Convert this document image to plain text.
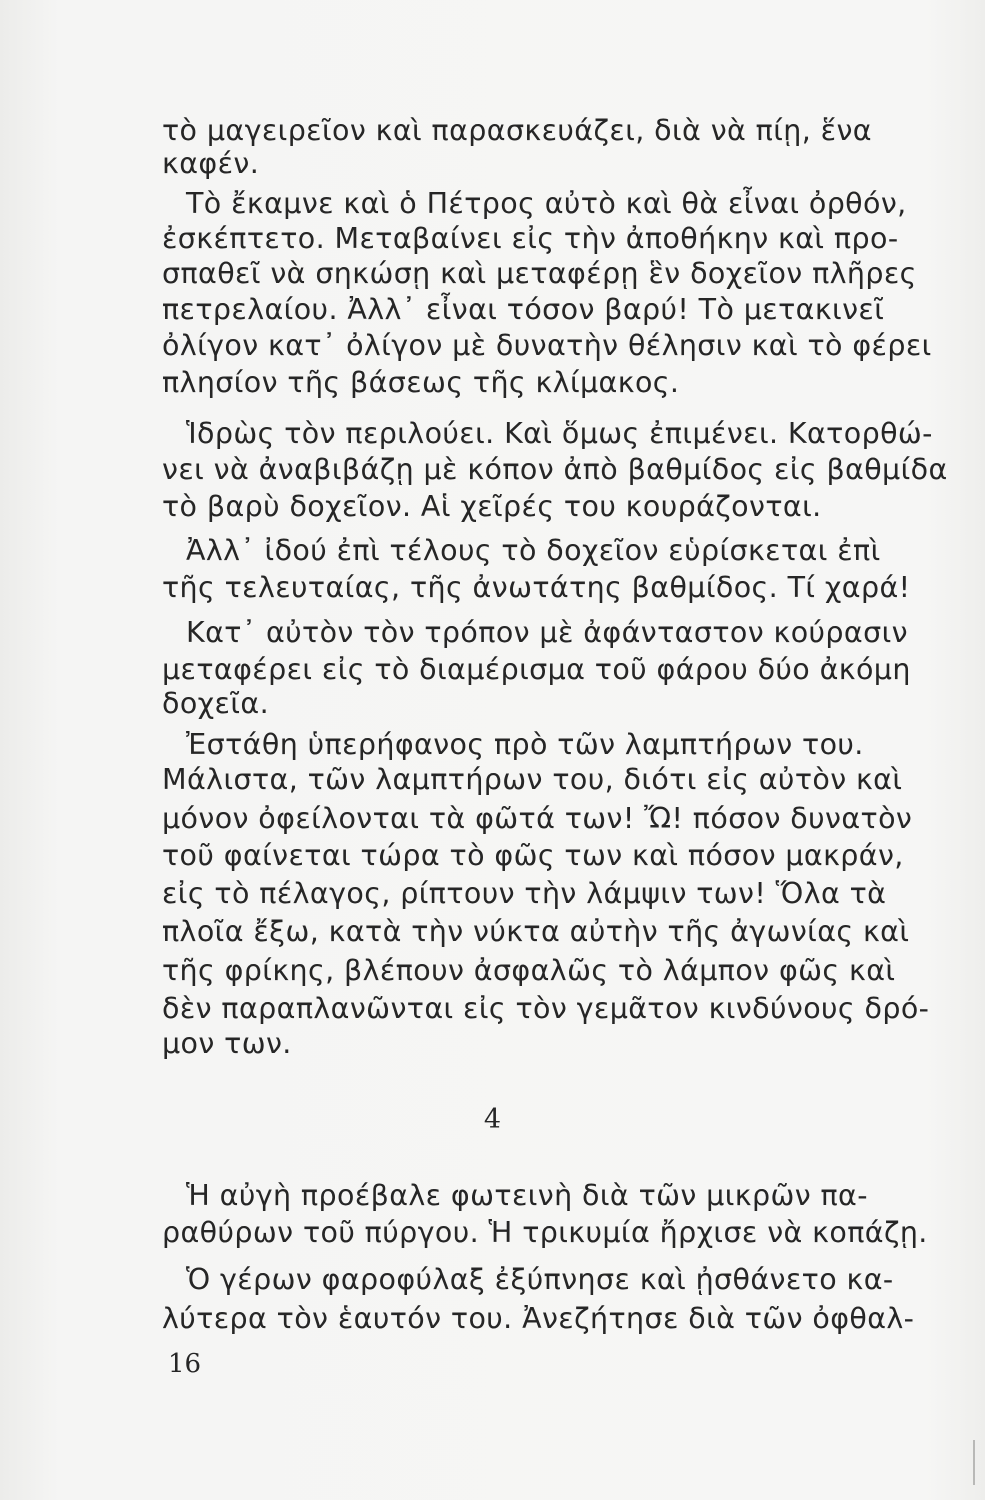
τὸ μαγειρεῖον καὶ παρασκευάζει, διὰ νὰ πίῃ, ἕνα
καφέν.
Τὸ ἔκαμνε καὶ ὁ Πέτρος αὐτὸ καὶ θὰ εἶναι ὀρθόν,
ἐσκέπτετο. Μεταβαίνει εἰς τὴν ἀποθήκην καὶ προ-
σπαθεῖ νὰ σηκώσῃ καὶ μεταφέρῃ ἓν δοχεῖον πλῆρες
πετρελαίου. Ἀλλ᾿ εἶναι τόσον βαρύ! Τὸ μετακινεῖ
ὀλίγον κατ᾿ ὀλίγον μὲ δυνατὴν θέλησιν καὶ τὸ φέρει
πλησίον τῆς βάσεως τῆς κλίμακος.
Ἱδρὼς τὸν περιλούει. Καὶ ὅμως ἐπιμένει. Κατορθώ-
νει νὰ ἀναβιβάζῃ μὲ κόπον ἀπὸ βαθμίδος εἰς βαθμίδα
τὸ βαρὺ δοχεῖον. Αἱ χεῖρές του κουράζονται.
Ἀλλ᾿ ἰδού ἐπὶ τέλους τὸ δοχεῖον εὑρίσκεται ἐπὶ
τῆς τελευταίας, τῆς ἀνωτάτης βαθμίδος. Τί χαρά!
Κατ᾿ αὐτὸν τὸν τρόπον μὲ ἀφάνταστον κούρασιν
μεταφέρει εἰς τὸ διαμέρισμα τοῦ φάρου δύο ἀκόμη
δοχεῖα.
Ἐστάθη ὑπερήφανος πρὸ τῶν λαμπτήρων του.
Μάλιστα, τῶν λαμπτήρων του, διότι εἰς αὐτὸν καὶ
μόνον ὀφείλονται τὰ φῶτά των! Ὤ! πόσον δυνατὸν
τοῦ φαίνεται τώρα τὸ φῶς των καὶ πόσον μακράν,
εἰς τὸ πέλαγος, ρίπτουν τὴν λάμψιν των! Ὅλα τὰ
πλοῖα ἔξω, κατὰ τὴν νύκτα αὐτὴν τῆς ἀγωνίας καὶ
τῆς φρίκης, βλέπουν ἀσφαλῶς τὸ λάμπον φῶς καὶ
δὲν παραπλανῶνται εἰς τὸν γεμᾶτον κινδύνους δρό-
μον των.
4
Ἡ αὐγὴ προέβαλε φωτεινὴ διὰ τῶν μικρῶν πα-
ραθύρων τοῦ πύργου. Ἡ τρικυμία ἤρχισε νὰ κοπάζῃ.
Ὁ γέρων φαροφύλαξ ἐξύπνησε καὶ ᾐσθάνετο κα-
λύτερα τὸν ἑαυτόν του. Ἀνεζήτησε διὰ τῶν ὀφθαλ-
16
